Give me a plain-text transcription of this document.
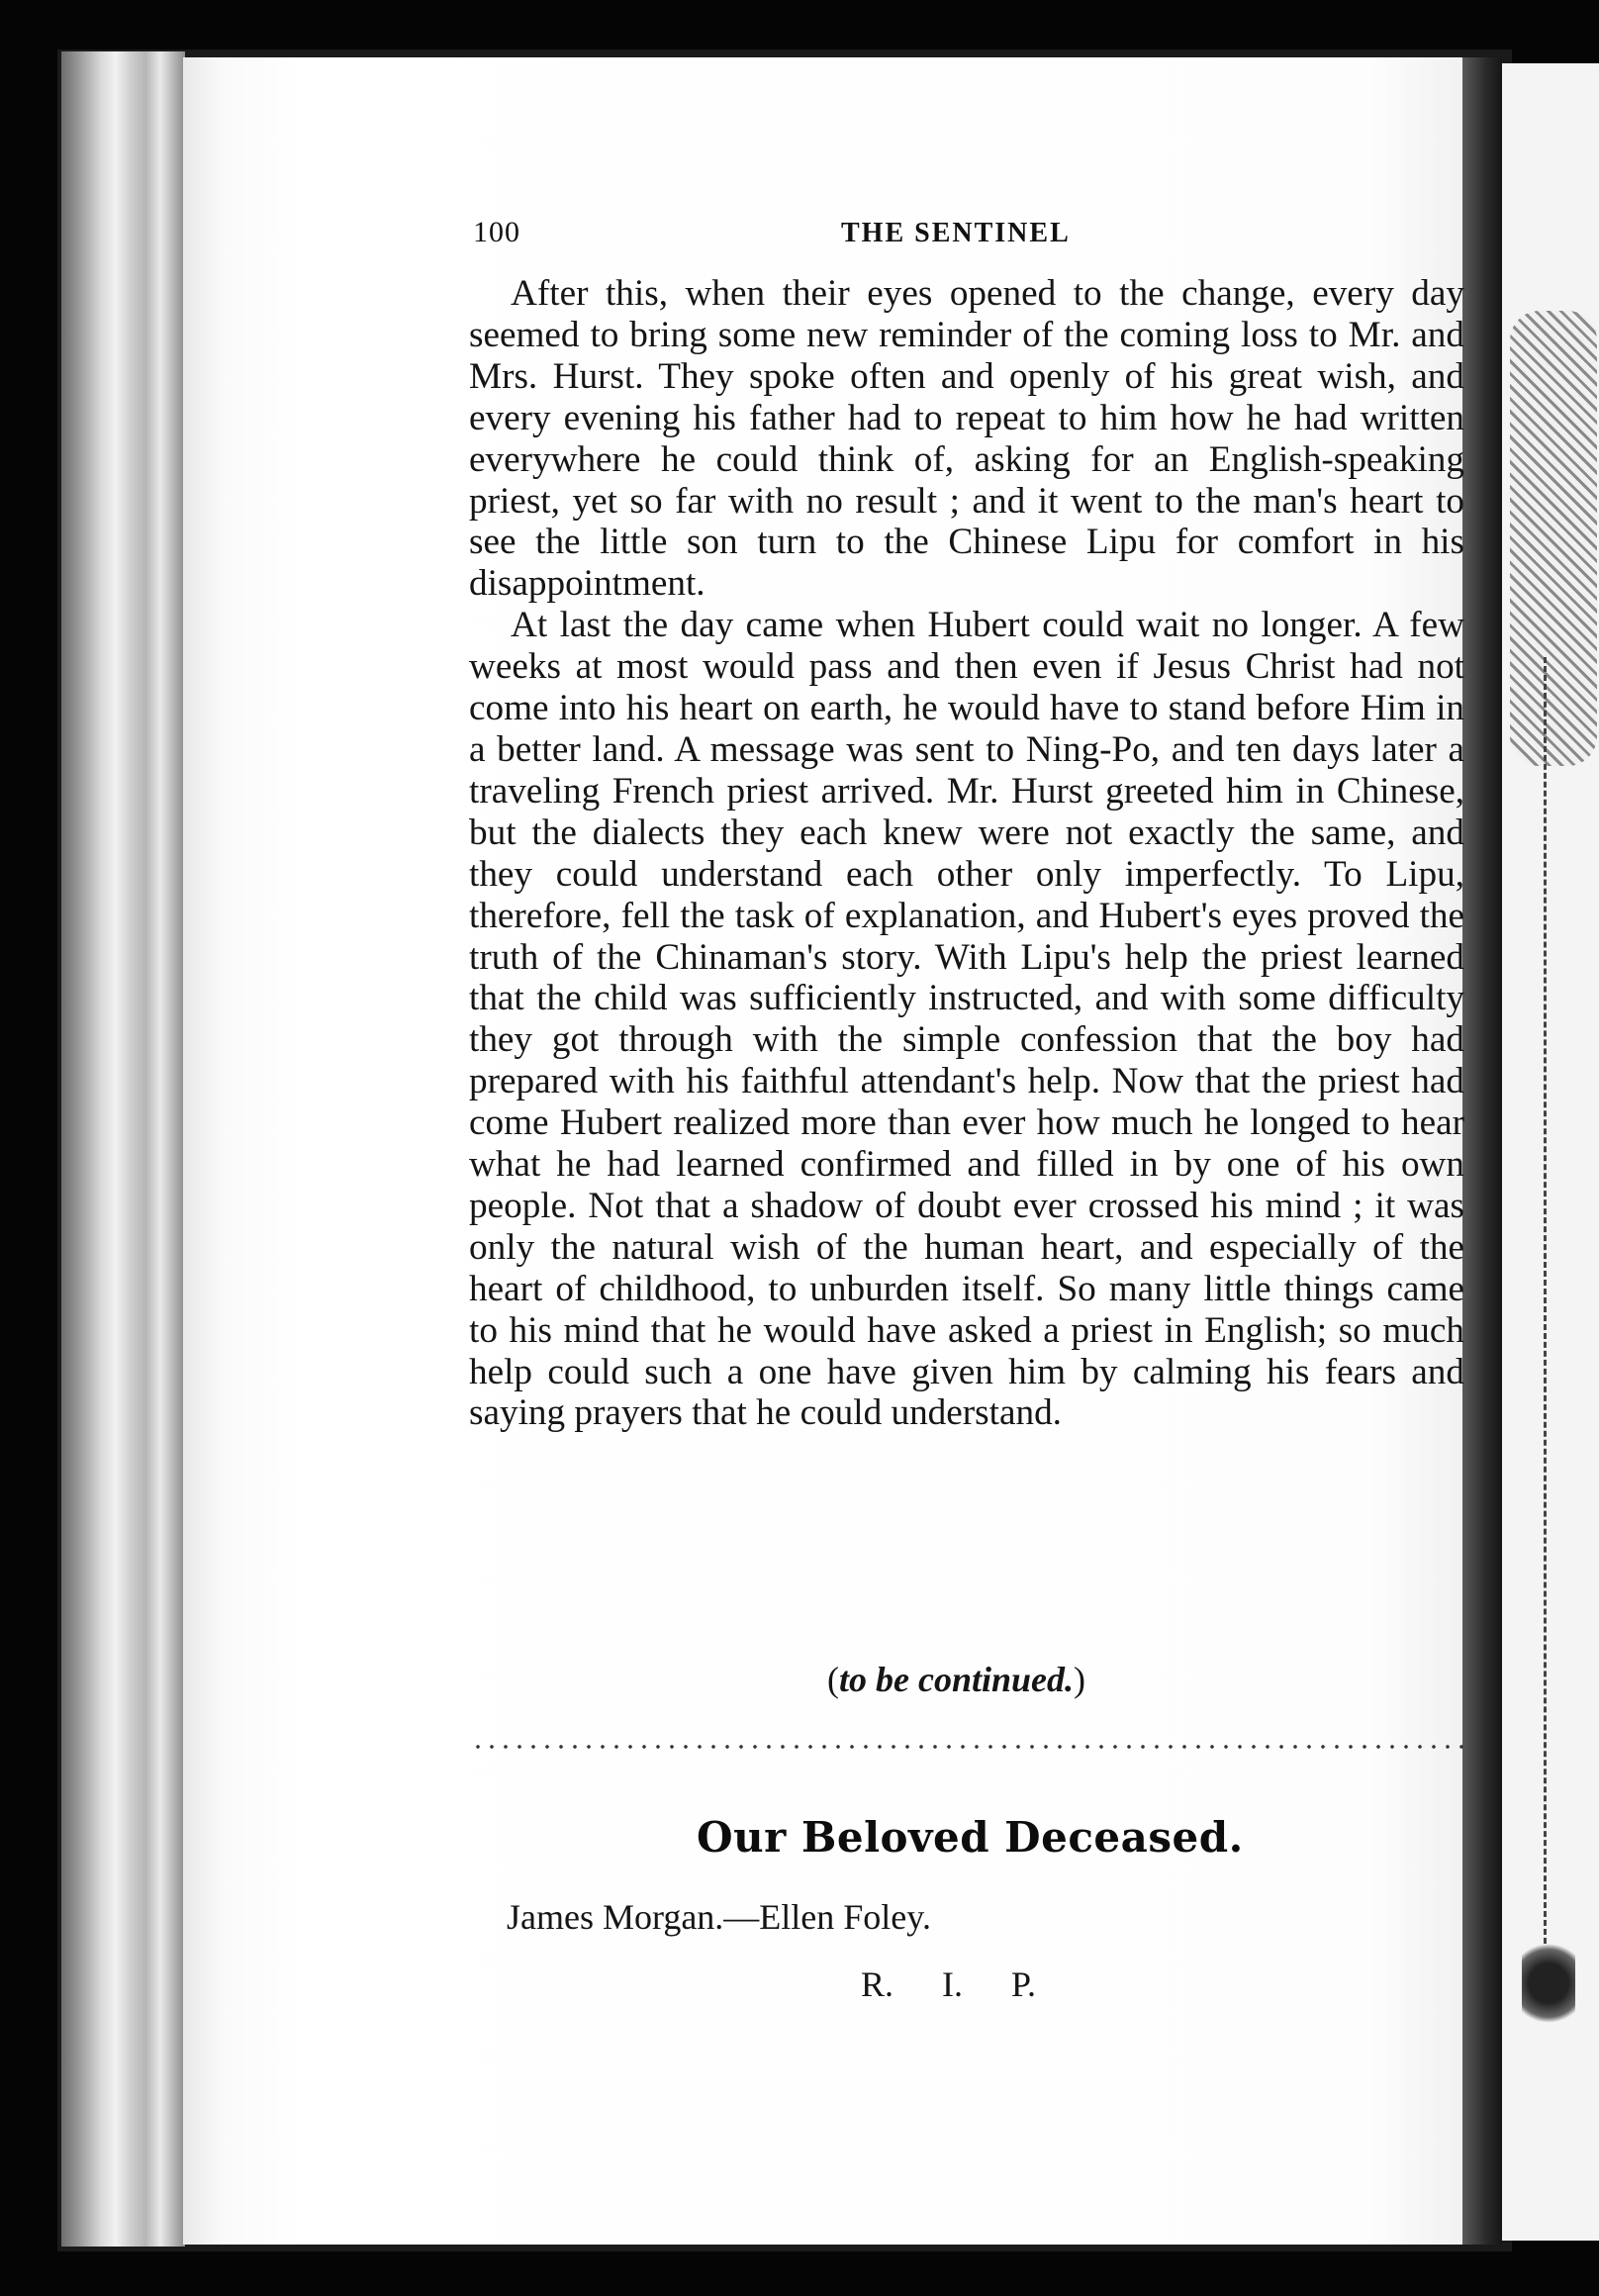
100	THE SENTINEL

After this, when their eyes opened to the change, every day seemed to bring some new reminder of the coming loss to Mr. and Mrs. Hurst. They spoke often and openly of his great wish, and every evening his father had to repeat to him how he had written everywhere he could think of, asking for an English-speaking priest, yet so far with no result ; and it went to the man's heart to see the little son turn to the Chinese Lipu for comfort in his disappointment.

At last the day came when Hubert could wait no longer. A few weeks at most would pass and then even if Jesus Christ had not come into his heart on earth, he would have to stand before Him in a better land. A message was sent to Ning-Po, and ten days later a traveling French priest arrived. Mr. Hurst greeted him in Chinese, but the dialects they each knew were not exactly the same, and they could understand each other only imperfectly. To Lipu, therefore, fell the task of explanation, and Hubert's eyes proved the truth of the Chinaman's story. With Lipu's help the priest learned that the child was sufficiently instructed, and with some difficulty they got through with the simple confession that the boy had prepared with his faithful attendant's help. Now that the priest had come Hubert realized more than ever how much he longed to hear what he had learned confirmed and filled in by one of his own people. Not that a shadow of doubt ever crossed his mind ; it was only the natural wish of the human heart, and especially of the heart of childhood, to unburden itself. So many little things came to his mind that he would have asked a priest in English; so much help could such a one have given him by calming his fears and saying prayers that he could understand.

(to be continued.)
Our Beloved Deceased.
James Morgan.—Ellen Foley.
R. I. P.
